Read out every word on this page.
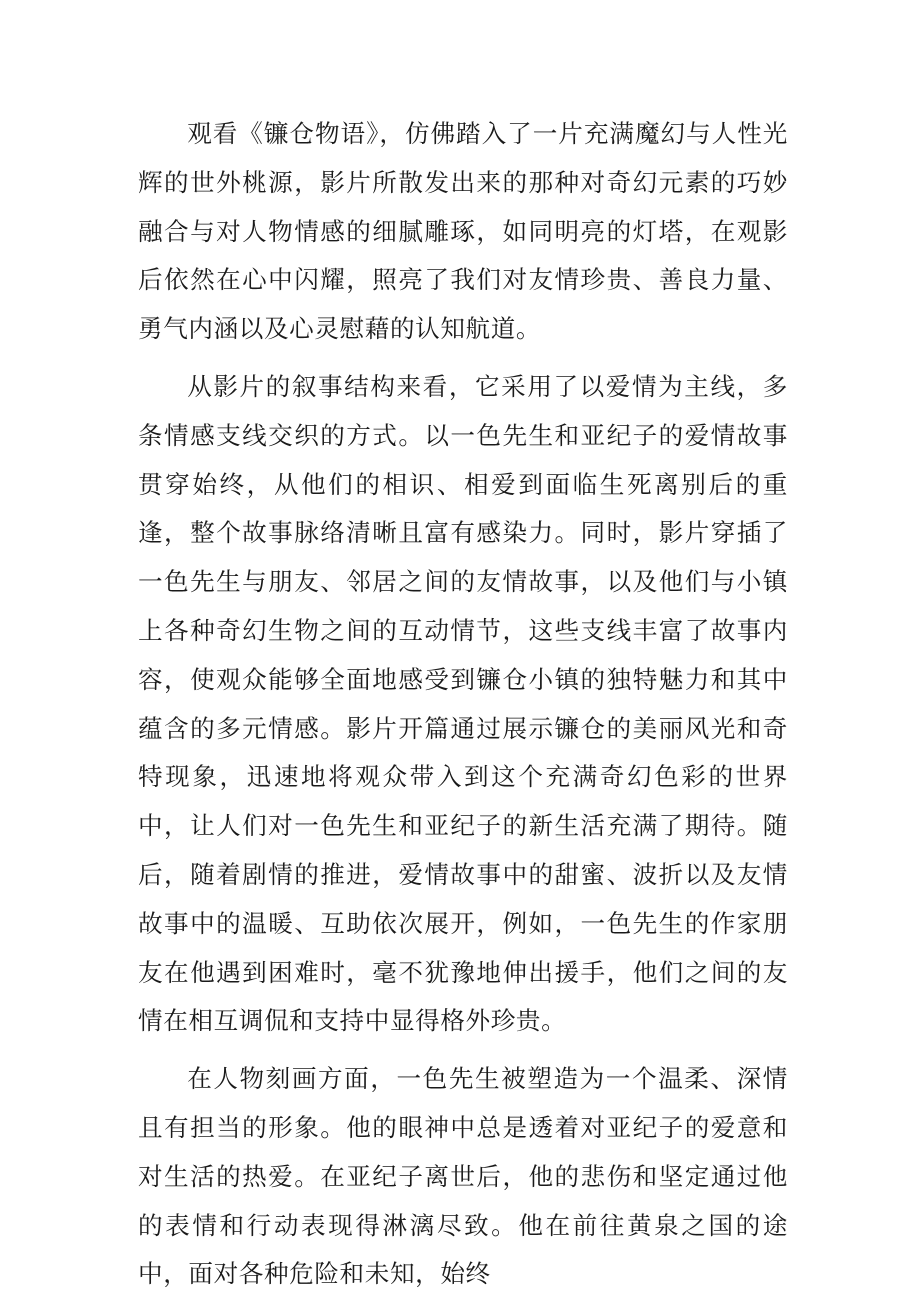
观看《镰仓物语》，仿佛踏入了一片充满魔幻与人性光辉的世外桃源，影片所散发出来的那种对奇幻元素的巧妙融合与对人物情感的细腻雕琢，如同明亮的灯塔，在观影后依然在心中闪耀，照亮了我们对友情珍贵、善良力量、勇气内涵以及心灵慰藉的认知航道。

从影片的叙事结构来看，它采用了以爱情为主线，多条情感支线交织的方式。以一色先生和亚纪子的爱情故事贯穿始终，从他们的相识、相爱到面临生死离别后的重逢，整个故事脉络清晰且富有感染力。同时，影片穿插了一色先生与朋友、邻居之间的友情故事，以及他们与小镇上各种奇幻生物之间的互动情节，这些支线丰富了故事内容，使观众能够全面地感受到镰仓小镇的独特魅力和其中蕴含的多元情感。影片开篇通过展示镰仓的美丽风光和奇特现象，迅速地将观众带入到这个充满奇幻色彩的世界中，让人们对一色先生和亚纪子的新生活充满了期待。随后，随着剧情的推进，爱情故事中的甜蜜、波折以及友情故事中的温暖、互助依次展开，例如，一色先生的作家朋友在他遇到困难时，毫不犹豫地伸出援手，他们之间的友情在相互调侃和支持中显得格外珍贵。

在人物刻画方面，一色先生被塑造为一个温柔、深情且有担当的形象。他的眼神中总是透着对亚纪子的爱意和对生活的热爱。在亚纪子离世后，他的悲伤和坚定通过他的表情和行动表现得淋漓尽致。他在前往黄泉之国的途中，面对各种危险和未知，始终
